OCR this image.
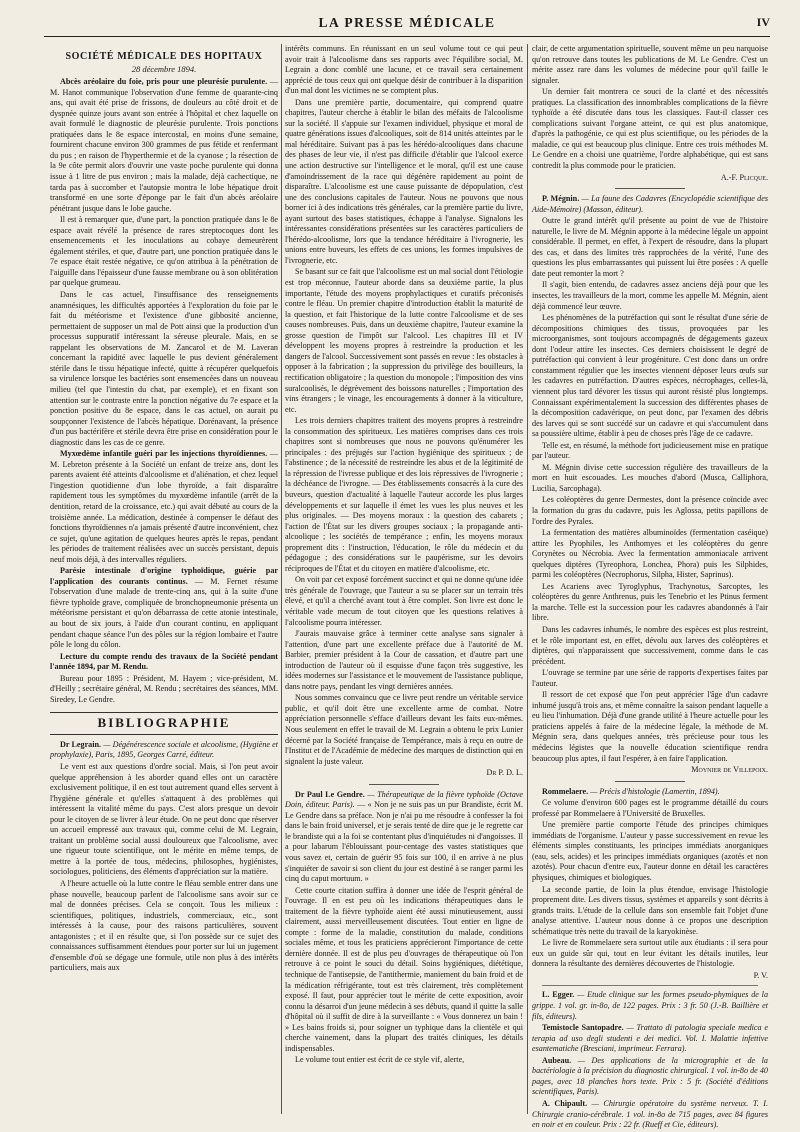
LA PRESSE MÉDICALE	IV
SOCIÉTÉ MÉDICALE DES HOPITAUX
28 décembre 1894.

Abcès aréolaire du foie, pris pour une pleurésie purulente. — M. Hanot communique l'observation d'une femme de quarante-cinq ans, qui avait été prise de frissons, de douleurs au côté droit et de dyspnée quinze jours avant son entrée à l'hôpital et chez laquelle on avait formulé le diagnostic de pleurésie purulente. Trois ponctions pratiquées dans le 8e espace intercostal, en moins d'une semaine, fournirent chacune environ 300 grammes de pus fétide et renfermant du pus ; en raison de l'hyperthermie et de la cyanose ; la résection de la 9e côte permit alors d'ouvrir une vaste poche purulente qui donna issue à 1 litre de pus environ ; mais la malade, déjà cachectique, ne tarda pas à succomber et l'autopsie montra le lobe hépatique droit transformé en une sorte d'éponge par le fait d'un abcès aréolaire pénétrant jusque dans le lobe gauche.

Il est à remarquer que, d'une part, la ponction pratiquée dans le 8e espace avait révélé la présence de rares streptocoques dont les ensemencements et les inoculations au cobaye demeurèrent également stériles, et que, d'autre part, une ponction pratiquée dans le 7e espace était restée négative, ce qu'on attribua à la pénétration de l'aiguille dans l'épaisseur d'une fausse membrane ou à son oblitération par quelque grumeau.

Dans le cas actuel, l'insuffisance des renseignements anamnésiques, les difficultés apportées à l'exploration du foie par le fait du météorisme et l'existence d'une gibbosité ancienne, permettaient de supposer un mal de Pott ainsi que la production d'un processus suppuratif intéressant la séreuse pleurale. Mais, en se rappelant les observations de M. Zancarol et de M. Laveran concernant la rapidité avec laquelle le pus devient généralement stérile dans le tissu hépatique infecté, quitte à récupérer quelquefois sa virulence lorsque les bactéries sont ensemencées dans un nouveau milieu (tel que l'intestin du chat, par exemple), et en fixant son attention sur le contraste entre la ponction négative du 7e espace et la ponction positive du 8e espace, dans le cas actuel, on aurait pu soupçonner l'existence de l'abcès hépatique. Dorénavant, la présence d'un pus bactérifère et stérile devra être prise en considération pour le diagnostic dans les cas de ce genre.

Myxœdème infantile guéri par les injections thyroïdiennes. — M. Lebreton présente à la Société un enfant de treize ans, dont les parents avaient été atteints d'alcoolisme et d'aliénation, et chez lequel l'ingestion quotidienne d'un lobe thyroïde, a fait disparaître rapidement tous les symptômes du myxœdème infantile (arrêt de la dentition, retard de la croissance, etc.) qui avait débuté au cours de la troisième année. La médication, destinée à compenser le défaut des fonctions thyroïdiennes n'a jamais présenté d'autre inconvénient, chez ce sujet, qu'une agitation de quelques heures après le repas, pendant les périodes de traitement réalisées avec un succès persistant, depuis neuf mois déjà, à des intervalles réguliers.

Parésie intestinale d'origine typhoïdique, guérie par l'application des courants continus. — M. Fernet résume l'observation d'une malade de trente-cinq ans, qui à la suite d'une fièvre typhoïde grave, compliquée de bronchopneumonie présenta un météorisme persistant et qu'on débarrassa de cette atonie intestinale, au bout de six jours, à l'aide d'un courant continu, en appliquant pendant chaque séance l'un des pôles sur la région lombaire et l'autre pôle le long du côlon.

Lecture du compte rendu des travaux de la Société pendant l'année 1894, par M. Rendu.

Bureau pour 1895 : Président, M. Hayem ; vice-président, M. d'Heilly ; secrétaire général, M. Rendu ; secrétaires des séances, MM. Siredey, Le Gendre.

BIBLIOGRAPHIE

Dr Legrain. — Dégénérescence sociale et alcoolisme, (Hygiène et prophylaxie), Paris, 1895, Georges Carré, éditeur.

Le vent est aux questions d'ordre social. Mais, si l'on peut avoir quelque appréhension à les aborder quand elles ont un caractère exclusivement politique, il en est tout autrement quand elles servent à l'hygiène générale et qu'elles s'attaquent à des problèmes qui intéressent la vitalité même du pays. C'est alors presque un devoir pour le citoyen de se livrer à leur étude. On ne peut donc que réserver un accueil empressé aux travaux qui, comme celui de M. Legrain, traitant un problème social aussi douloureux que l'alcoolisme, avec une rigueur toute scientifique, ont le mérite en même temps, de mettre à la portée de tous, médecins, philosophes, hygiénistes, sociologues, politiciens, des éléments d'appréciation sur la matière.

A l'heure actuelle où la lutte contre le fléau semble entrer dans une phase nouvelle, beaucoup parlent de l'alcoolisme sans avoir sur ce mal de données précises. Cela se conçoit. Tous les milieux : scientifiques, politiques, industriels, commerciaux, etc., sont intéressés à la cause, pour des raisons particulières, souvent antagonistes ; et il en résulte que, si l'on possède sur ce sujet des connaissances suffisamment étendues pour porter sur lui un jugement d'ensemble d'où se dégage une formule, utile non plus à des intérêts particuliers, mais aux

intérêts communs. En réunissant en un seul volume tout ce qui peut avoir trait à l'alcoolisme dans ses rapports avec l'équilibre social, M. Legrain a donc comblé une lacune, et ce travail sera certainement apprécié de tous ceux qui ont quelque désir de contribuer à la disparition d'un mal dont les victimes ne se comptent plus.

Dans une première partie, documentaire, qui comprend quatre chapitres, l'auteur cherche à établir le bilan des méfaits de l'alcoolisme sur la société. Il s'appuie sur l'examen individuel, physique et moral de quatre générations issues d'alcooliques, soit de 814 unités atteintes par le mal héréditaire. Suivant pas à pas les hérédo-alcooliques dans chacune des phases de leur vie, il n'est pas difficile d'établir que l'alcool exerce une action destructive sur l'intelligence et le moral, qu'il est une cause d'amoindrissement de la race qui dégénère rapidement au point de disparaître. L'alcoolisme est une cause puissante de dépopulation, c'est une des conclusions capitales de l'auteur. Nous ne pouvons que nous borner ici à des indications très générales, car la première partie du livre, ayant surtout des bases statistiques, échappe à l'analyse. Signalons les intéressantes considérations présentées sur les caractères particuliers de l'hérédo-alcoolisme, lors que la tendance héréditaire à l'ivrognerie, les unions entre buveurs, les effets de ces unions, les formes impulsives de l'ivrognerie, etc.

Se basant sur ce fait que l'alcoolisme est un mal social dont l'étiologie est trop méconnue, l'auteur aborde dans sa deuxième partie, la plus importante, l'étude des moyens prophylactiques et curatifs préconisés contre le fléau. Un premier chapitre d'introduction établit la maturité de la question, et fait l'historique de la lutte contre l'alcoolisme et de ses causes nombreuses. Puis, dans un deuxième chapitre, l'auteur examine la grosse question de l'impôt sur l'alcool. Les chapitres III et IV développent les moyens propres à restreindre la production et les dangers de l'alcool. Successivement sont passés en revue : les obstacles à opposer à la fabrication ; la suppression du privilège des bouilleurs, la rectification obligatoire ; la question du monopole ; l'imposition des vins suralcoolisés, le dégrèvement des boissons naturelles ; l'importation des vins étrangers ; le vinage, les encouragements à donner à la viticulture, etc.

Les trois derniers chapitres traitent des moyens propres à restreindre la consommation des spiritueux. Les matières comprises dans ces trois chapitres sont si nombreuses que nous ne pouvons qu'énumérer les principales : des préjugés sur l'action hygiénique des spiritueux ; de l'abstinence ; de la nécessité de restreindre les abus et de la légitimité de la répression de l'ivresse publique et des lois répressives de l'ivrognerie ; la déchéance de l'ivrogne. — Des établissements consacrés à la cure des buveurs, question d'actualité à laquelle l'auteur accorde les plus larges développements et sur laquelle il émet les vues les plus neuves et les plus originales. — Des moyens moraux : la question des cabarets ; l'action de l'État sur les divers groupes sociaux ; la propagande anti-alcoolique ; les sociétés de tempérance ; enfin, les moyens moraux proprement dits : l'instruction, l'éducation, le rôle du médecin et du pédagogue ; des considérations sur le paupérisme, sur les devoirs réciproques de l'État et du citoyen en matière d'alcoolisme, etc.

On voit par cet exposé forcément succinct et qui ne donne qu'une idée très générale de l'ouvrage, que l'auteur a su se placer sur un terrain très élevé, et qu'il a cherché avant tout à être complet. Son livre est donc le véritable vade mecum de tout citoyen que les questions relatives à l'alcoolisme pourra intéresser.

J'aurais mauvaise grâce à terminer cette analyse sans signaler à l'attention, d'une part une excellente préface due à l'autorité de M. Barbier, premier président à la Cour de cassation, et d'autre part une introduction de l'auteur où il esquisse d'une façon très suggestive, les idées modernes sur l'assistance et le mouvement de l'assistance publique, dans notre pays, pendant les vingt dernières années.

Nous sommes convaincu que ce livre peut rendre un véritable service public, et qu'il doit être une excellente arme de combat. Notre appréciation personnelle s'efface d'ailleurs devant les faits eux-mêmes. Nous seulement en effet le travail de M. Legrain a obtenu le prix Lunier décerné par la Société française de Tempérance, mais à reçu en outre de l'Institut et de l'Académie de médecine des marques de distinction qui en signalent la juste valeur.

Dr P. D. L.

Dr Paul Le Gendre. — Thérapeutique de la fièvre typhoïde (Octave Doin, éditeur. Paris). — « Non je ne suis pas un pur Brandiste, écrit M. Le Gendre dans sa préface. Non je n'ai pu me résoudre à confesser la foi dans le bain froid universel, et je serais tenté de dire que je le regrette car le brandiste qui a la foi se contentant plus d'inquiétudes ni d'angoisses. Il a pour labarum l'éblouissant pour-centage des vastes statistiques que vous savez et, certain de guérir 95 fois sur 100, il en arrive à ne plus s'inquiéter de savoir si son client du jour est destiné à se ranger parmi les cinq du caput mortuum. »

Cette courte citation suffira à donner une idée de l'esprit général de l'ouvrage. Il en est peu où les indications thérapeutiques dans le traitement de la fièvre typhoïde aient été aussi minutieusement, aussi clairement, aussi merveilleusement discutées. Tout entier en ligne de compte : forme de la maladie, constitution du malade, conditions sociales même, et tous les praticiens apprécieront l'importance de cette dernière donnée. Il est de plus peu d'ouvrages de thérapeutique où l'on retrouve à ce point le souci du détail. Soins hygiéniques, diététique, technique de l'antisepsie, de l'antithermie, maniement du bain froid et de la médication réfrigérante, tout est très clairement, très complètement exposé. Il faut, pour apprécier tout le mérite de cette exposition, avoir connu la désarroi d'un jeune médecin à ses débuts, quand il quitte la salle d'hôpital où il suffit de dire à la surveillante : « Vous donnerez un bain ! » Les bains froids si, pour soigner un typhique dans la clientèle et qui cherche vainement, dans la plupart des traités cliniques, les détails indispensables.

Le volume tout entier est écrit de ce style vif, alerte,

clair, de cette argumentation spirituelle, souvent même un peu narquoise qu'on retrouve dans toutes les publications de M. Le Gendre. C'est un mérite assez rare dans les volumes de médecine pour qu'il faille le signaler.

Un dernier fait montrera ce souci de la clarté et des nécessités pratiques. La classification des innombrables complications de la fièvre typhoïde a été discutée dans tous les classiques. Faut-il classer ces complications suivant l'organe atteint, ce qui est plus anatomique, d'après la pathogénie, ce qui est plus scientifique, ou les périodes de la maladie, ce qui est beaucoup plus clinique. Entre ces trois méthodes M. Le Gendre en a choisi une quatrième, l'ordre alphabétique, qui est sans contredit la plus commode pour le praticien.

A.-F. Plicque.

P. Mégnin. — La faune des Cadavres (Encyclopédie scientifique des Aide-Mémoire) (Masson, éditeur).

Outre le grand intérêt qu'il présente au point de vue de l'histoire naturelle, le livre de M. Mégnin apporte à la médecine légale un appoint considérable. Il permet, en effet, à l'expert de résoudre, dans la plupart des cas, et dans des limites très rapprochées de la vérité, l'une des questions les plus embarrassantes qui puissent lui être posées : A quelle date peut remonter la mort ?

Il s'agit, bien entendu, de cadavres assez anciens déjà pour que les insectes, les travailleurs de la mort, comme les appelle M. Mégnin, aient déjà commencé leur œuvre.

Les phénomènes de la putréfaction qui sont le résultat d'une série de décompositions chimiques des tissus, provoquées par les microorganismes, sont toujours accompagnés de dégagements gazeux dont l'odeur attire les insectes. Ces derniers choisissent le degré de putréfaction qui convient à leur progéniture. C'est donc dans un ordre constamment régulier que les insectes viennent déposer leurs œufs sur les cadavres en putréfaction. D'autres espèces, nécrophages, celles-là, viennent plus tard dévorer les tissus qui auront résisté plus longtemps. Connaissant expérimentalement la succession des différentes phases de la décomposition cadavérique, on peut donc, par l'examen des débris des larves qui se sont succédé sur un cadavre et qui s'accumulent dans sa poussière ultime, établir à peu de choses près l'âge de ce cadavre.

Telle est, en résumé, la méthode fort judicieusement mise en pratique par l'auteur.

M. Mégnin divise cette succession régulière des travailleurs de la mort en huit escouades. Les mouches d'abord (Musca, Calliphora, Lucilia, Sarcophaga).

Les coléoptères du genre Dermestes, dont la présence coïncide avec la formation du gras du cadavre, puis les Aglossa, petits papillons de l'ordre des Pyrales.

La fermentation des matières albuminoïdes (fermentation caséique) attire les Pyophiles, les Anthomyes et les coléoptères du genre Corynètes ou Nécrobia. Avec la fermentation ammoniacale arrivent quelques diptères (Tyreophora, Lonchea, Phora) puis les Silphides, parmi les coléoptères (Necrophorus, Silpha, Hister, Saprinus).

Les Acariens avec Tyroglyphus, Trachynotus, Sarcoptes, les coléoptères du genre Anthrenus, puis les Tenebrio et les Ptinus ferment la marche. Telle est la succession pour les cadavres abandonnés à l'air libre.

Dans les cadavres inhumés, le nombre des espèces est plus restreint, et le rôle important est, en effet, dévolu aux larves des coléoptères et diptères, qui n'apparaissent que successivement, comme dans le cas précédent.

L'ouvrage se termine par une série de rapports d'expertises faites par l'auteur.

Il ressort de cet exposé que l'on peut apprécier l'âge d'un cadavre inhumé jusqu'à trois ans, et même connaître la saison pendant laquelle a eu lieu l'inhumation. Déjà d'une grande utilité à l'heure actuelle pour les praticiens appelés à faire de la médecine légale, la méthode de M. Mégnin sera, dans quelques années, très précieuse pour tous les médecins légistes que la nouvelle éducation scientifique rendra beaucoup plus aptes, il faut l'espérer, à en faire l'application.

Moynier de Villepoix.

Rommelaere. — Précis d'histologie (Lamertin, 1894).

Ce volume d'environ 600 pages est le programme détaillé du cours professé par Rommelaere à l'Université de Bruxelles.

Une première partie comporte l'étude des principes chimiques immédiats de l'organisme. L'auteur y passe successivement en revue les éléments simples constituants, les principes immédiats anorganiques (eau, sels, acides) et les principes immédiats organiques (azotés et non azotés). Pour chacun d'entre eux, l'auteur donne en détail les caractères physiques, chimiques et biologiques.

La seconde partie, de loin la plus étendue, envisage l'histologie proprement dite. Les divers tissus, systèmes et appareils y sont décrits à grands traits. L'étude de la cellule dans son ensemble fait l'objet d'une analyse attentive. L'auteur nous donne à ce propos une description schématique très nette du travail de la karyokinèse.

Le livre de Rommelaere sera surtout utile aux étudiants : il sera pour eux un guide sûr qui, tout en leur évitant les détails inutiles, leur donnera la résultante des dernières découvertes de l'histologie.

P. V.

L. Egger. — Etude clinique sur les formes pseudo-phymiques de la grippe. 1 vol. gr. in-8o, de 122 pages. Prix : 3 fr. 50 (J.-B. Baillière et fils, éditeurs).

Temistocle Santopadre. — Trattato di patologia speciale medica e terapia ad uso degli studenti e dei medici. Vol. I. Malattie infettive esantematiche (Bresciani, imprimeur. Ferrara).

Aubeau. — Des applications de la micrographie et de la bactériologie à la précision du diagnostic chirurgical. 1 vol. in-8o de 40 pages, avec 18 planches hors texte. Prix : 5 fr. (Société d'éditions scientifiques, Paris).

A. Chipault. — Chirurgie opératoire du système nerveux. T. I. Chirurgie cranio-cérébrale. 1 vol. in-8o de 715 pages, avec 84 figures en noir et en couleur. Prix : 22 fr. (Rueff et Cie, éditeurs).
